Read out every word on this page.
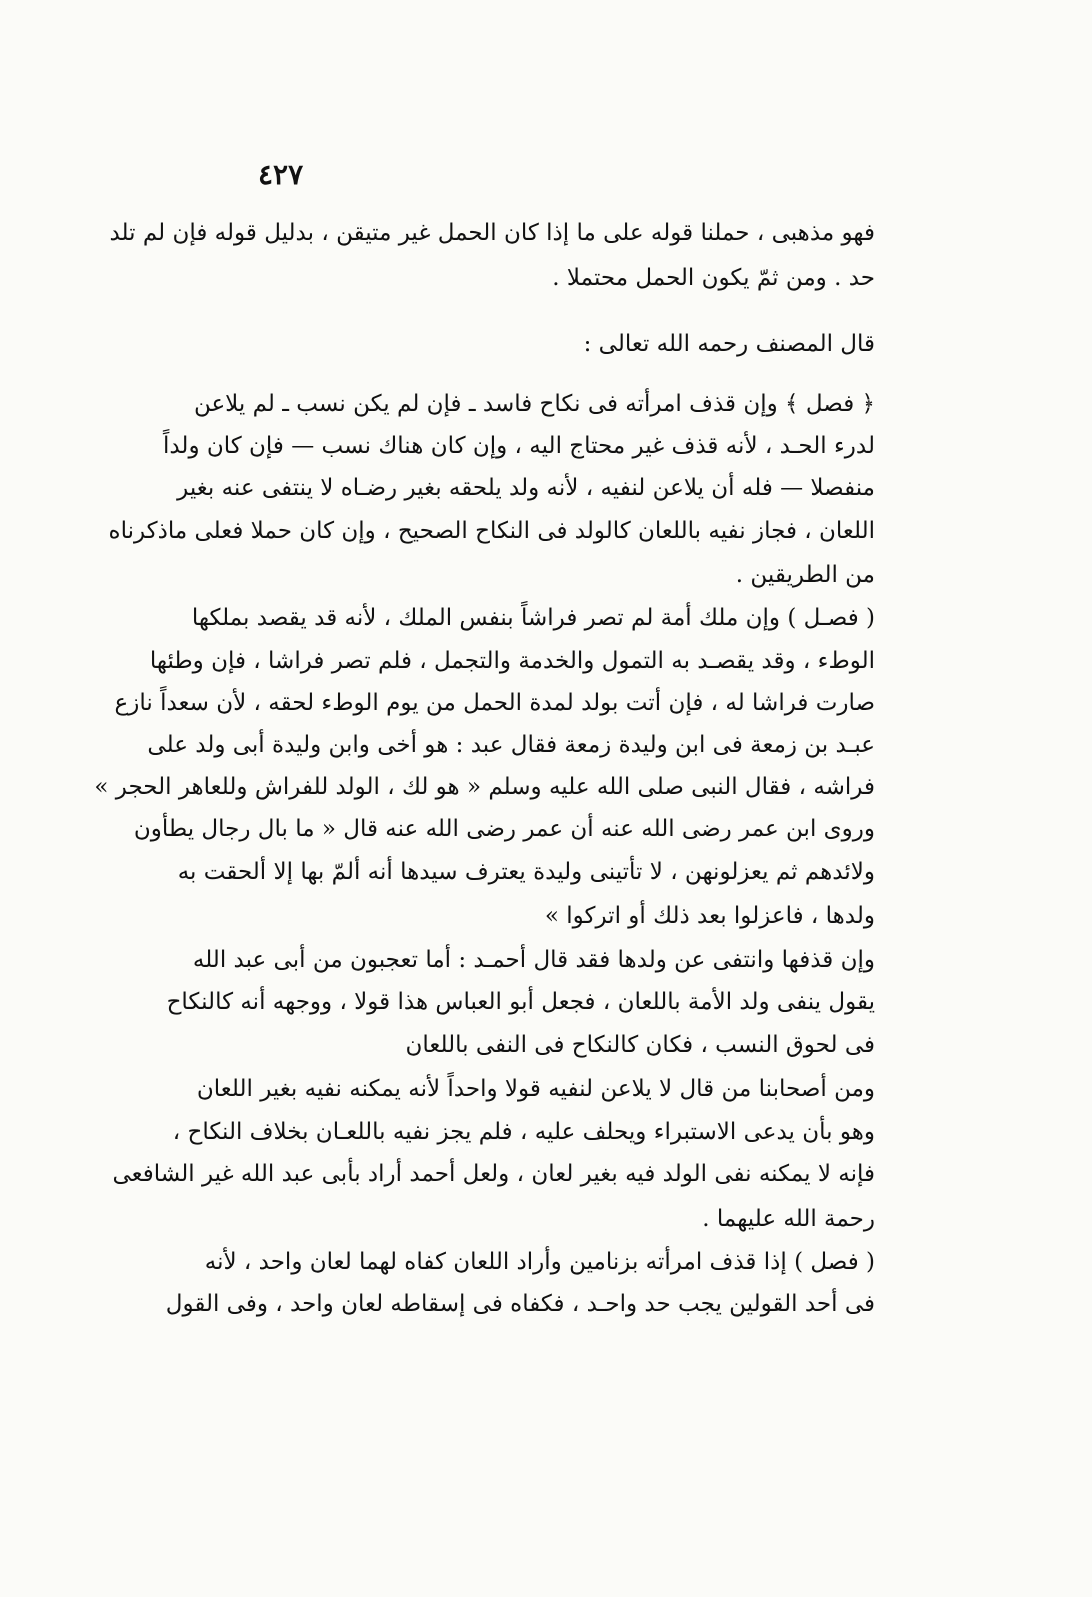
٤٢٧
فهو مذهبى ، حملنا قوله على ما إذا كان الحمل غير متيقن ، بدليل قوله فإن لم تلد
حد . ومن ثمّ يكون الحمل محتملا .
قال المصنف رحمه الله تعالى :
﴿ فصل ﴾ وإن قذف امرأته فى نكاح فاسد ـ فإن لم يكن نسب ـ لم يلاعن
لدرء الحـد ، لأنه قذف غير محتاج اليه ، وإن كان هناك نسب — فإن كان ولداً
منفصلا — فله أن يلاعن لنفيه ، لأنه ولد يلحقه بغير رضـاه لا ينتفى عنه بغير
اللعان ، فجاز نفيه باللعان كالولد فى النكاح الصحيح ، وإن كان حملا فعلى ماذكرناه
من الطريقين .
( فصـل ) وإن ملك أمة لم تصر فراشاً بنفس الملك ، لأنه قد يقصد بملكها
الوطء ، وقد يقصـد به التمول والخدمة والتجمل ، فلم تصر فراشا ، فإن وطئها
صارت فراشا له ، فإن أتت بولد لمدة الحمل من يوم الوطء لحقه ، لأن سعداً نازع
عبـد بن زمعة فى ابن وليدة زمعة فقال عبد : هو أخى وابن وليدة أبى ولد على
فراشه ، فقال النبى صلى الله عليه وسلم « هو لك ، الولد للفراش وللعاهر الحجر »
وروى ابن عمر رضى الله عنه أن عمر رضى الله عنه قال « ما بال رجال يطأون
ولائدهم ثم يعزلونهن ، لا تأتينى وليدة يعترف سيدها أنه ألمّ بها إلا ألحقت به
ولدها ، فاعزلوا بعد ذلك أو اتركوا »
وإن قذفها وانتفى عن ولدها فقد قال أحمـد : أما تعجبون من أبى عبد الله
يقول ينفى ولد الأمة باللعان ، فجعل أبو العباس هذا قولا ، ووجهه أنه كالنكاح
فى لحوق النسب ، فكان كالنكاح فى النفى باللعان
ومن أصحابنا من قال لا يلاعن لنفيه قولا واحداً لأنه يمكنه نفيه بغير اللعان
وهو بأن يدعى الاستبراء ويحلف عليه ، فلم يجز نفيه باللعـان بخلاف النكاح ،
فإنه لا يمكنه نفى الولد فيه بغير لعان ، ولعل أحمد أراد بأبى عبد الله غير الشافعى
رحمة الله عليهما .
( فصل ) إذا قذف امرأته بزنامين وأراد اللعان كفاه لهما لعان واحد ، لأنه
فى أحد القولين يجب حد واحـد ، فكفاه فى إسقاطه لعان واحد ، وفى القول
